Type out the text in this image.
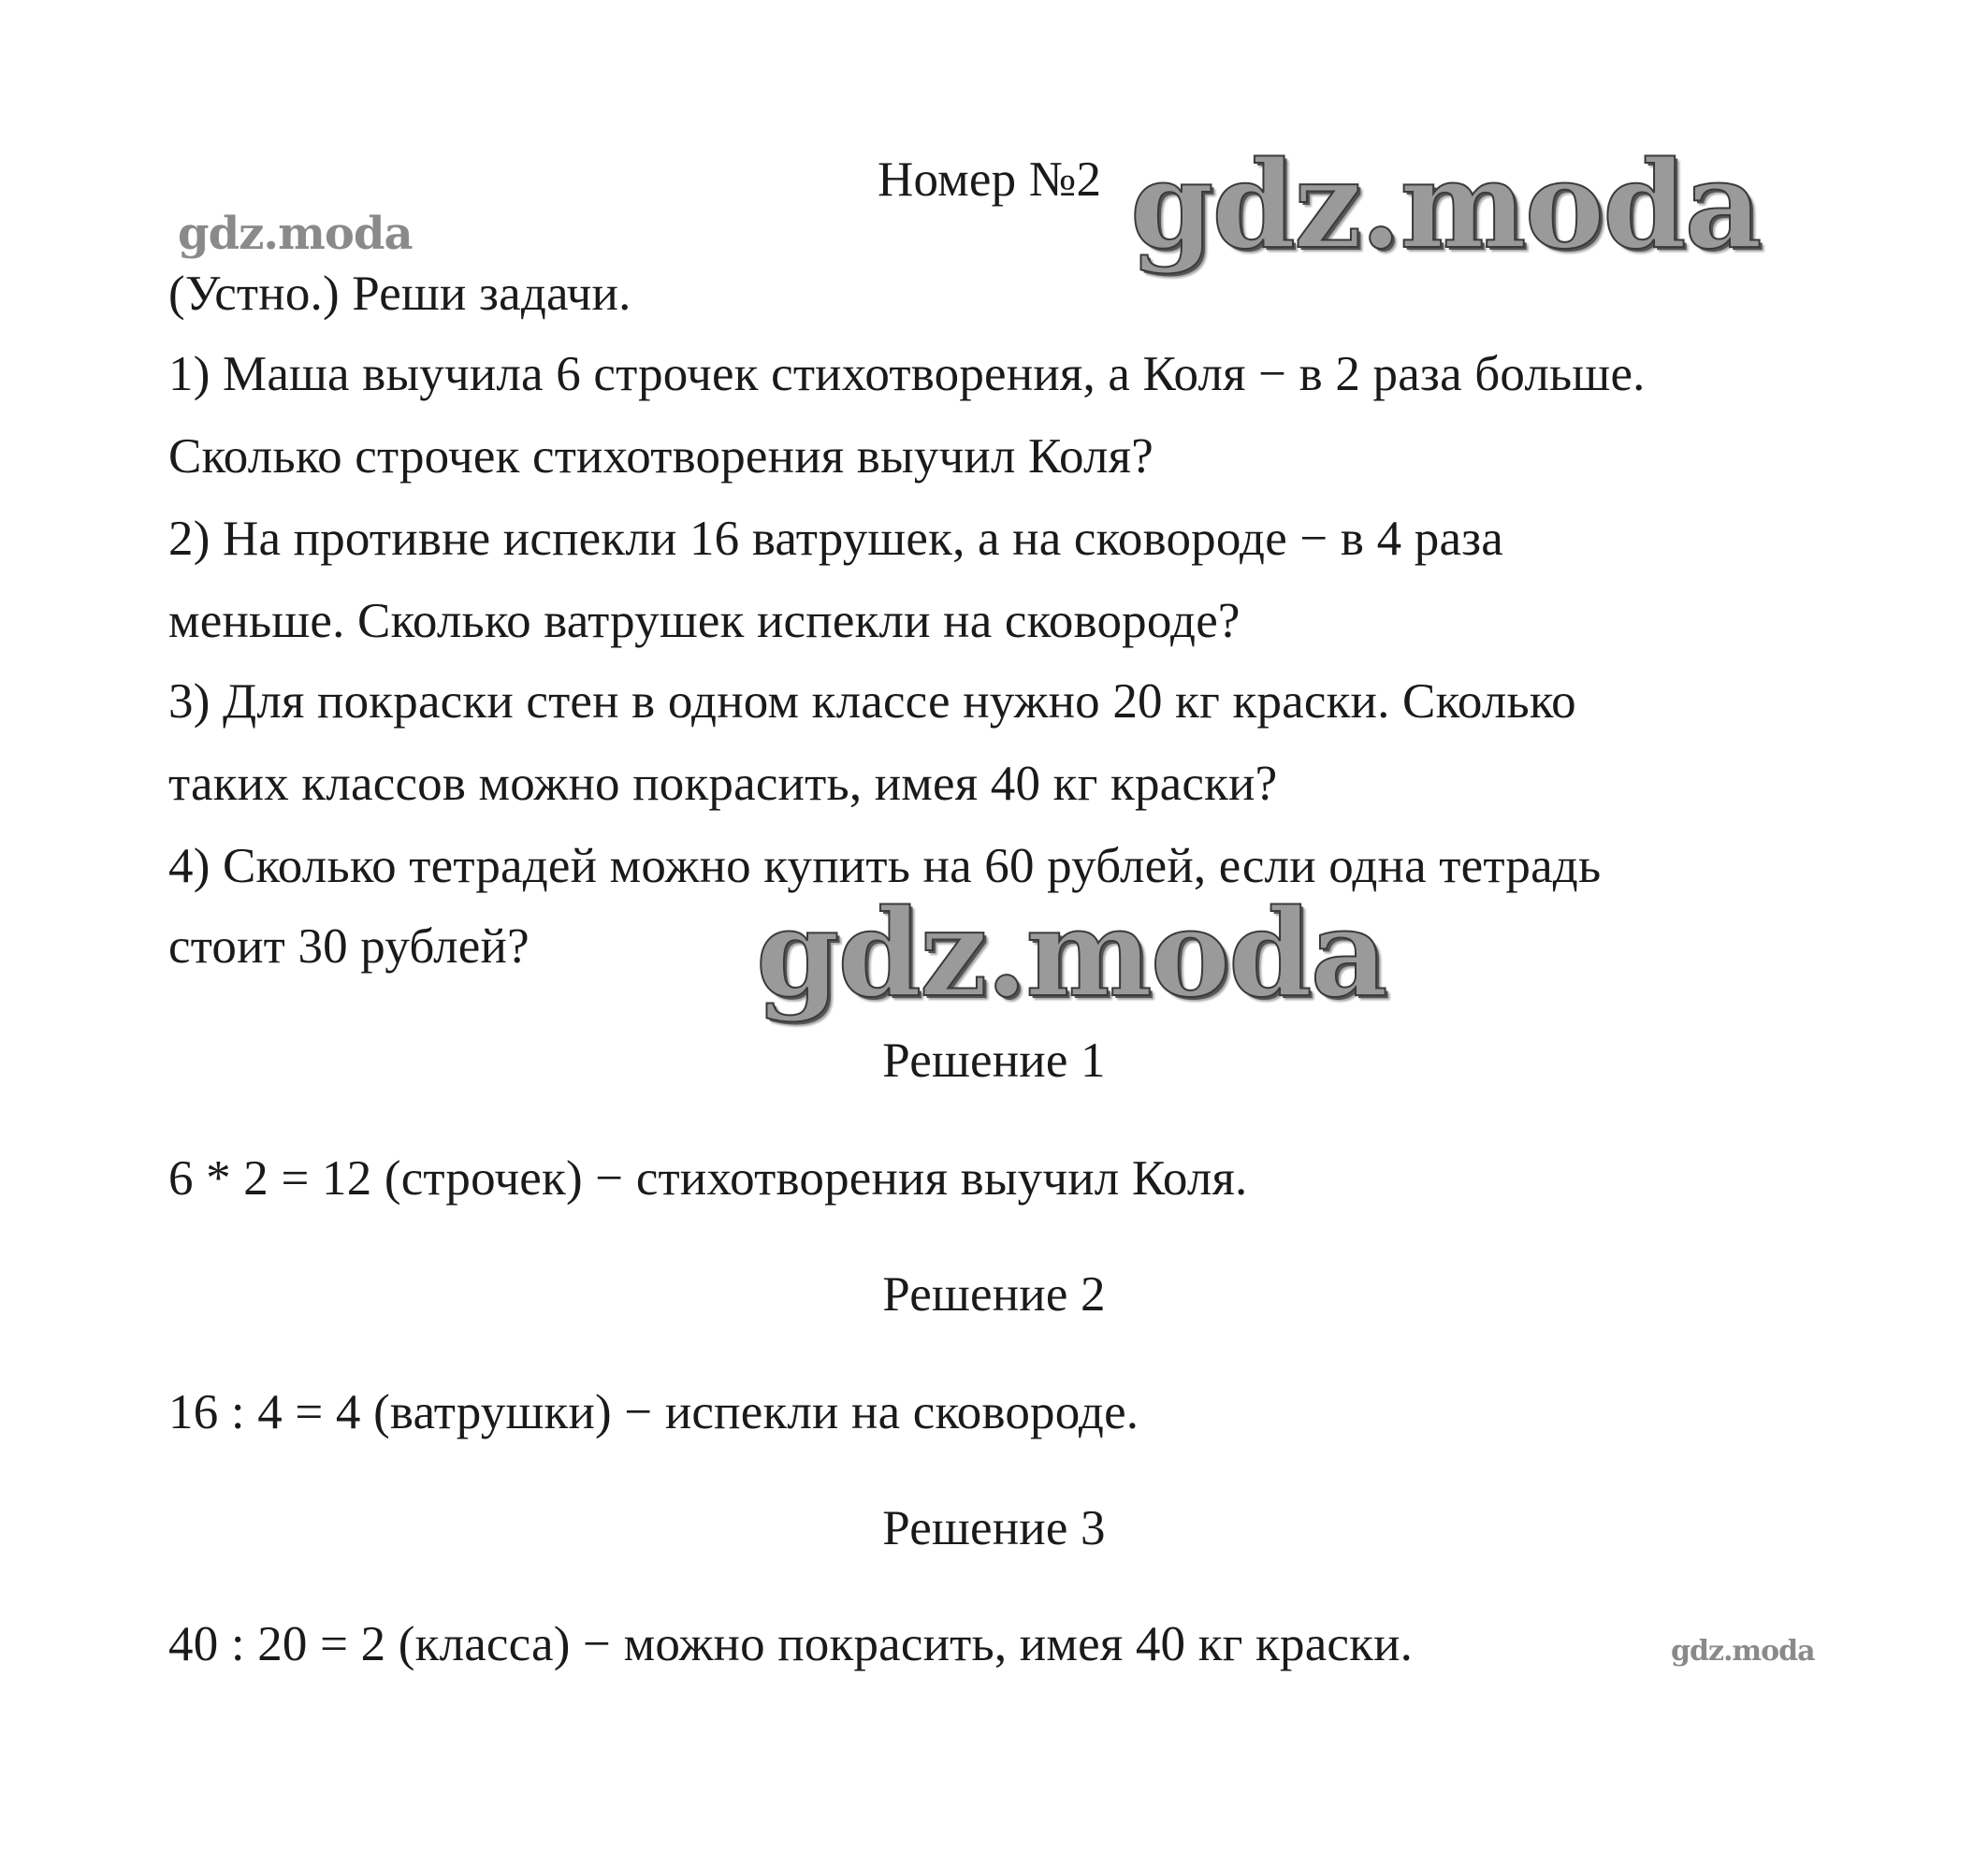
Номер №2 gdz.moda
gdz.moda
(Устно.) Реши задачи.
1) Маша выучила 6 строчек стихотворения, а Коля − в 2 раза больше.
Сколько строчек стихотворения выучил Коля?
2) На противне испекли 16 ватрушек, а на сковороде − в 4 раза
меньше. Сколько ватрушек испекли на сковороде?
3) Для покраски стен в одном классе нужно 20 кг краски. Сколько
таких классов можно покрасить, имея 40 кг краски?
4) Сколько тетрадей можно купить на 60 рублей, если одна тетрадь
стоит 30 рублей? gdz.moda
Решение 1
6 * 2 = 12 (строчек) − стихотворения выучил Коля.
Решение 2
16 : 4 = 4 (ватрушки) − испекли на сковороде.
Решение 3
40 : 20 = 2 (класса) − можно покрасить, имея 40 кг краски.	gdz.moda
